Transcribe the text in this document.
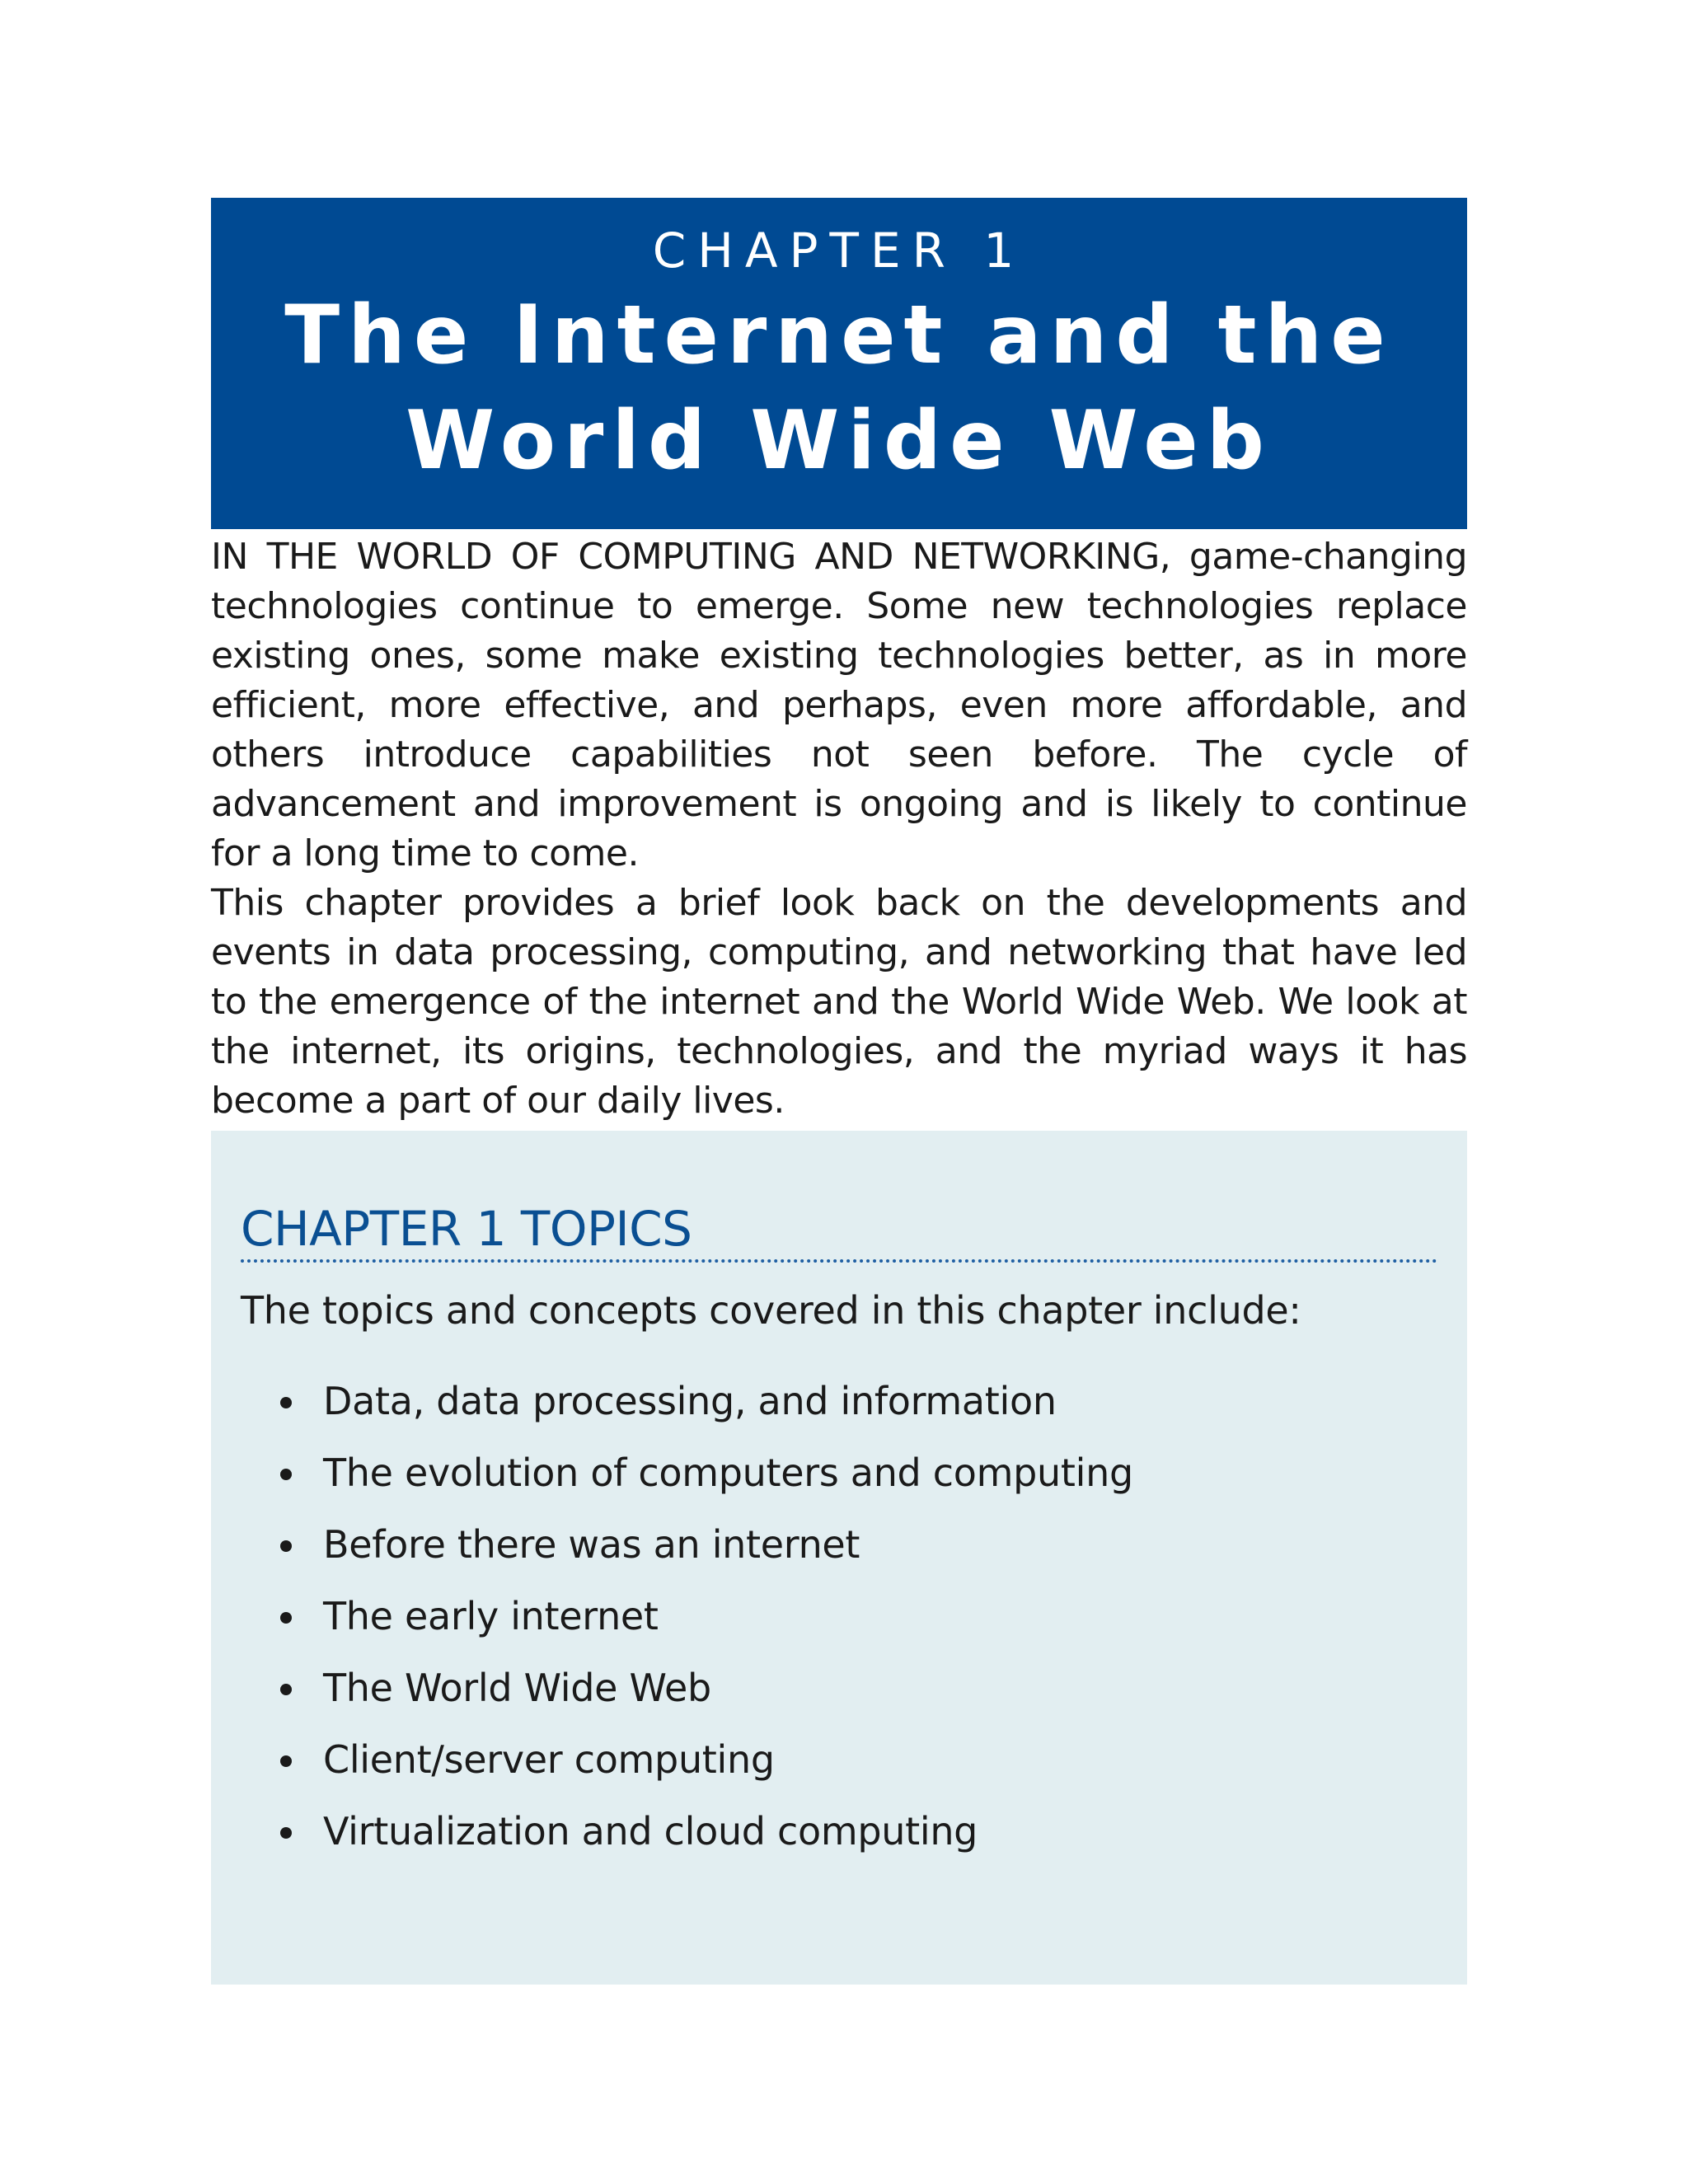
CHAPTER 1
The Internet and the
World Wide Web

IN THE WORLD OF COMPUTING AND NETWORKING, game-changing technologies continue to emerge. Some new technologies replace existing ones, some make existing technologies better, as in more efficient, more effective, and perhaps, even more affordable, and others introduce capabilities not seen before. The cycle of advancement and improvement is ongoing and is likely to continue for a long time to come.

This chapter provides a brief look back on the developments and events in data processing, computing, and networking that have led to the emergence of the internet and the World Wide Web. We look at the internet, its origins, technologies, and the myriad ways it has become a part of our daily lives.

CHAPTER 1 TOPICS
The topics and concepts covered in this chapter include:
Data, data processing, and information
The evolution of computers and computing
Before there was an internet
The early internet
The World Wide Web
Client/server computing
Virtualization and cloud computing
